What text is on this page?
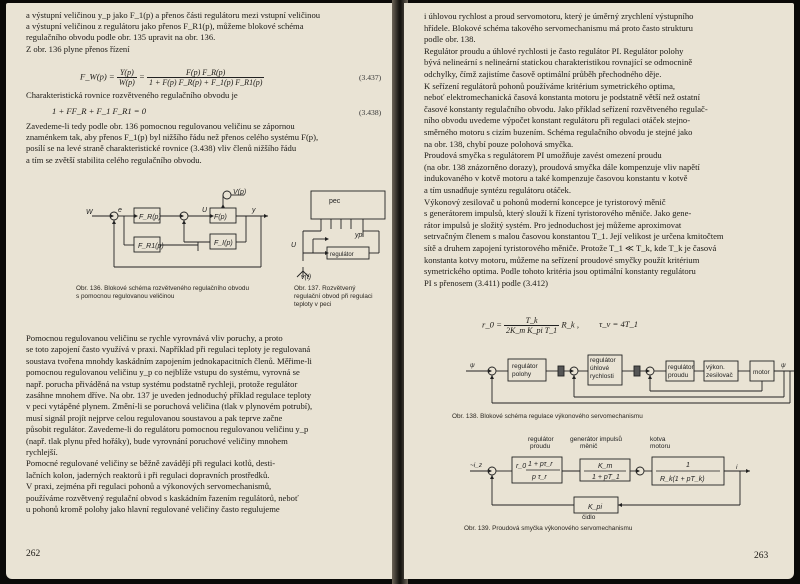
a výstupní veličinou y_p jako F_1(p) a přenos části regulátoru mezi vstupní veličinou
a výstupní veličinou z regulátoru jako přenos F_R1(p), můžeme blokové schéma
regulačního obvodu podle obr. 135 upravit na obr. 136.
Z obr. 136 plyne přenos řízení
F_W(p) = $\frac{Y(p)}{W(p)} = \frac{F(p) F\_R(p)}{1 + F(p) F\_R(p) + F\_1(p) F\_R1(p)}$	(3.437)
Charakteristická rovnice rozvětveného regulačního obvodu je
1 + FF_R + F_1 F_R1 = 0	(3.438)
Zavedeme-li tedy podle obr. 136 pomocnou regulovanou veličinu se zápornou
znaménkem tak, aby přenos F_1(p) byl nižšího řádu než přenos celého systému F(p),
posílí se na levé straně charakteristické rovnice (3.438) vliv členů nižšího řádu
a tím se zvětší stabilita celého regulačního obvodu.
W	e	U
V(p)
y
F_R(p)	F(p)
F_I(p)
F_R1(p)
Obr. 136. Blokové schéma rozvětveného regulačního obvodu
s pomocnou regulovanou veličinou
pec
yp
regulátor
v(t)
U
Obr. 137. Rozvětvený
regulační obvod při regulaci
teploty v peci
Pomocnou regulovanou veličinu se rychle vyrovnává vliv poruchy, a proto
se toto zapojení často využívá v praxi. Například při regulaci teploty je regulovaná
soustava tvořena mnohdy kaskádním zapojením jednokapacitních členů. Měřime-li
pomocnou regulovanou veličinu y_p co nejblíže vstupu do systému, vyrovná se
např. porucha přiváděná na vstup systému podstatně rychleji, protože regulátor
zasáhne mnohem dříve. Na obr. 137 je uveden jednoduchý příklad regulace teploty
v peci vytápěné plynem. Změní-li se poruchová veličina (tlak v plynovém potrubí),
musí signál projít nejprve celou regulovanou soustavou a pak teprve začne
působit regulátor. Zavedeme-li do regulátoru pomocnou regulovanou veličinu y_p
(např. tlak plynu před hořáky), bude vyrovnání poruchové veličiny mnohem
rychlejší.
Pomocné regulované veličiny se běžně zavádějí při regulaci kotlů, desti-
lačních kolon, jaderných reaktorů i při regulaci dopravních prostředků.
V praxi, zejména při regulaci pohonů a výkonových servomechanismů,
používáme rozvětvený regulační obvod s kaskádním řazením regulátorů, neboť
u pohonů kromě polohy jako hlavní regulované veličiny často regulujeme
262
i úhlovou rychlost a proud servomotoru, který je úměrný zrychlení výstupního
hřídele. Blokové schéma takového servomechanismu má proto často strukturu
podle obr. 138.
Regulátor proudu a úhlové rychlosti je často regulátor PI. Regulátor polohy
bývá nelineární s nelineární statickou charakteristikou rovnající se odmocnině
odchylky, čímž zajistíme časově optimální průběh přechodného děje.
K seřízení regulátorů pohonů používáme kritérium symetrického optima,
neboť elektromechanická časová konstanta motoru je podstatně větší než ostatní
časové konstanty regulačního obvodu. Jako příklad seřízení rozvětveného regulač-
ního obvodu uvedeme výpočet konstant regulátoru při regulaci otáček stejno-
směrného motoru s cizím buzením. Schéma regulačního obvodu je stejné jako
na obr. 138, chybí pouze polohová smyčka.
Proudová smyčka s regulátorem PI umožňuje zavést omezení proudu
(na obr. 138 znázorněno dorazy), proudová smyčka dále kompenzuje vliv napětí
indukovaného v kotvě motoru a také kompenzuje časovou konstantu v kotvě
a tím usnadňuje syntézu regulátoru otáček.
Výkonový zesilovač u pohonů moderní koncepce je tyristorový měnič
s generátorem impulsů, který slouží k řízení tyristorového měniče. Jako gene-
rátor impulsů je složitý systém. Pro jednoduchost jej můžeme aproximovat
setrvačným členem s malou časovou konstantou T_1. Její velikost je určena kmitočtem
sítě a druhem zapojení tyristorového měniče. Protože T_1 ≪ T_k, kde T_k je časová
konstanta kotvy motoru, můžeme na seřízení proudové smyčky použít kritérium
symetrického optima. Podle tohoto kritéria jsou optimální konstanty regulátoru
PI s přenosem (3.411) podle (3.412)
r_0 = $\frac{T\_k}{\text{2K\_m K\_pi T\_1}}$ R_k , τ_v = 4T_1
regulátor
polohy
regulátor
úhlové
rychlosti
regulátor
proudu
výkon.
zesilovač	motor
ψ	ψ
Obr. 138. Blokové schéma regulace výkonového servomechanismu
regulátor
proudu
generátor impulsů
měnič
kotva
motoru
čidlo
~i_z	i
r_0 1 + pτ_r
p τ_r
K_m
1 + pT_1
1
R_k(1 + pT_k)
K_pi
Obr. 139. Proudová smyčka výkonového servomechanismu
263
